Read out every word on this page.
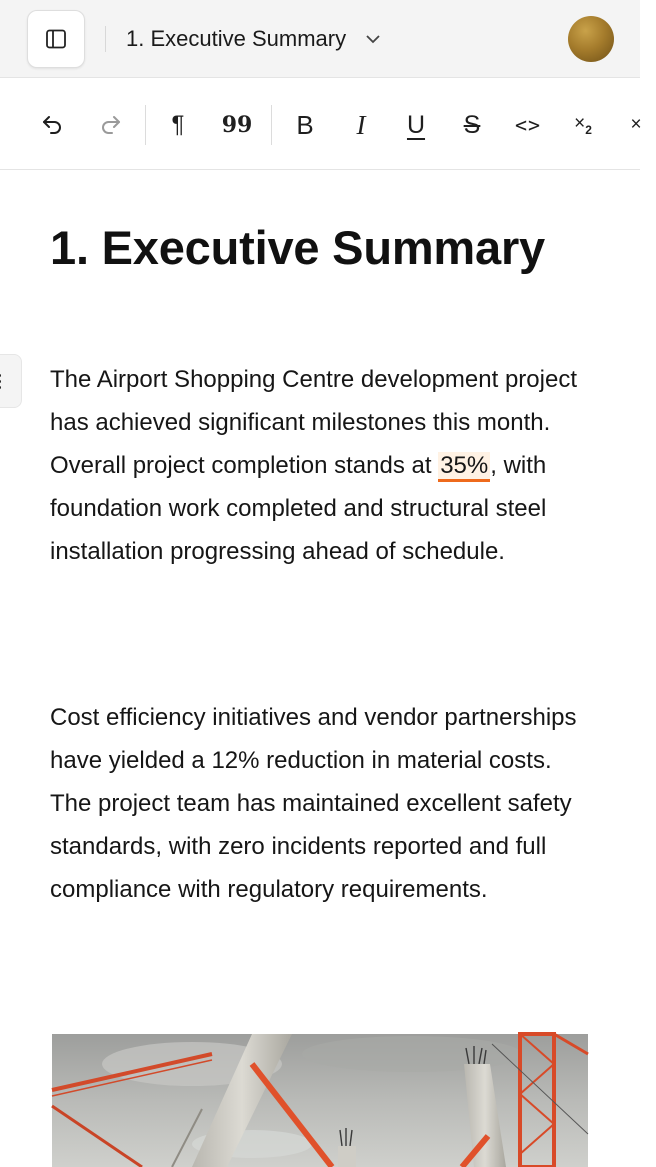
1. Executive Summary
¶ 99 B I U $S <> \times_2$ ×
1. Executive Summary

The Airport Shopping Centre development project has achieved significant milestones this month. Overall project completion stands at 35%, with foundation work completed and structural steel installation progressing ahead of schedule.

Cost efficiency initiatives and vendor partnerships have yielded a 12% reduction in material costs. The project team has maintained excellent safety standards, with zero incidents reported and full compliance with regulatory requirements.
